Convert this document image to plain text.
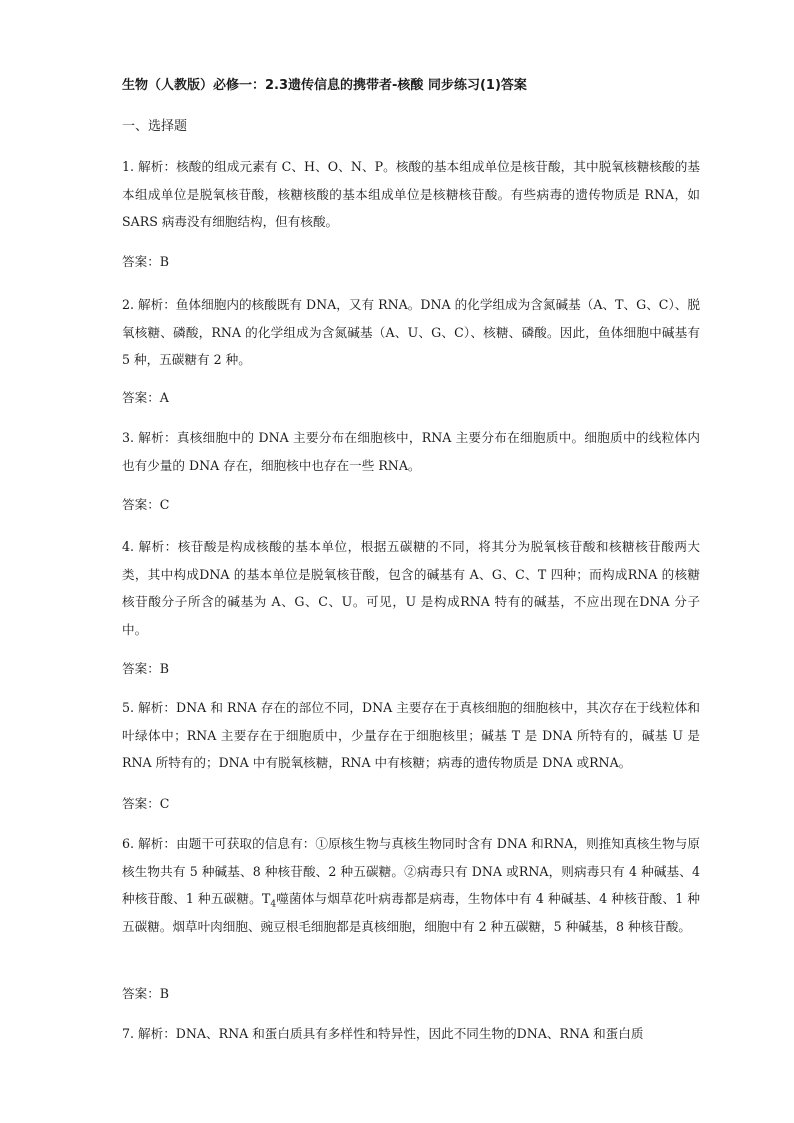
生物（人教版）必修一：2.3遗传信息的携带者-核酸 同步练习(1)答案
一、选择题
1. 解析：核酸的组成元素有 C、H、O、N、P。核酸的基本组成单位是核苷酸，其中脱氧核糖核酸的基本组成单位是脱氧核苷酸，核糖核酸的基本组成单位是核糖核苷酸。有些病毒的遗传物质是 RNA，如 SARS 病毒没有细胞结构，但有核酸。
答案：B
2. 解析：鱼体细胞内的核酸既有 DNA，又有 RNA。DNA 的化学组成为含氮碱基（A、T、G、C）、脱氧核糖、磷酸，RNA 的化学组成为含氮碱基（A、U、G、C）、核糖、磷酸。因此，鱼体细胞中碱基有 5 种，五碳糖有 2 种。
答案：A
3. 解析：真核细胞中的 DNA 主要分布在细胞核中，RNA 主要分布在细胞质中。细胞质中的线粒体内也有少量的 DNA 存在，细胞核中也存在一些 RNA。
答案：C
4. 解析：核苷酸是构成核酸的基本单位，根据五碳糖的不同，将其分为脱氧核苷酸和核糖核苷酸两大类，其中构成DNA 的基本单位是脱氧核苷酸，包含的碱基有 A、G、C、T 四种；而构成RNA 的核糖核苷酸分子所含的碱基为 A、G、C、U。可见，U 是构成RNA 特有的碱基，不应出现在DNA 分子中。
答案：B
5. 解析：DNA 和 RNA 存在的部位不同，DNA 主要存在于真核细胞的细胞核中，其次存在于线粒体和叶绿体中；RNA 主要存在于细胞质中，少量存在于细胞核里；碱基 T 是 DNA 所特有的，碱基 U 是 RNA 所特有的；DNA 中有脱氧核糖，RNA 中有核糖；病毒的遗传物质是 DNA 或RNA。
答案：C
6. 解析：由题干可获取的信息有：①原核生物与真核生物同时含有 DNA 和RNA，则推知真核生物与原核生物共有 5 种碱基、8 种核苷酸、2 种五碳糖。②病毒只有 DNA 或RNA，则病毒只有 4 种碱基、4 种核苷酸、1 种五碳糖。$T_4$噬菌体与烟草花叶病毒都是病毒，生物体中有 4 种碱基、4 种核苷酸、1 种五碳糖。烟草叶肉细胞、豌豆根毛细胞都是真核细胞，细胞中有 2 种五碳糖，5 种碱基，8 种核苷酸。
答案：B
7. 解析：DNA、RNA 和蛋白质具有多样性和特异性，因此不同生物的DNA、RNA 和蛋白质
